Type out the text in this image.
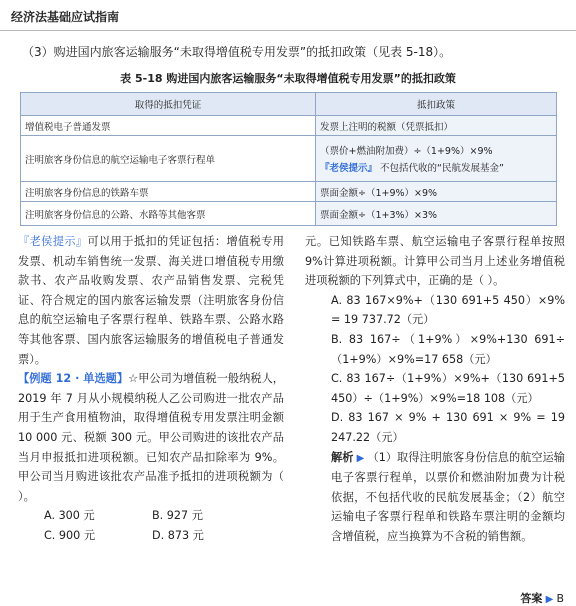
经济法基础应试指南
（3）购进国内旅客运输服务“未取得增值税专用发票”的抵扣政策（见表 5-18）。
表 5-18 购进国内旅客运输服务“未取得增值税专用发票”的抵扣政策
取得的抵扣凭证	抵扣政策
增值税电子普通发票	发票上注明的税额（凭票抵扣）
注明旅客身份信息的航空运输电子客票行程单	（票价+燃油附加费）÷（1+9%）×9%
『老侯提示』 不包括代收的“民航发展基金”

注明旅客身份信息的铁路车票	票面金额÷（1+9%）×9%
注明旅客身份信息的公路、水路等其他客票	票面金额÷（1+3%）×3%

『老侯提示』可以用于抵扣的凭证包括：增值税专用发票、机动车销售统一发票、海关进口增值税专用缴款书、农产品收购发票、农产品销售发票、完税凭证、符合规定的国内旅客运输发票（注明旅客身份信息的航空运输电子客票行程单、铁路车票、公路水路等其他客票、国内旅客运输服务的增值税电子普通发票）。

【例题 12 · 单选题】☆甲公司为增值税一般纳税人，2019 年 7 月从小规模纳税人乙公司购进一批农产品用于生产食用植物油，取得增值税专用发票注明金额 10 000 元、税额 300 元。甲公司购进的该批农产品当月申报抵扣进项税额。已知农产品扣除率为 9%。甲公司当月购进该批农产品准予抵扣的进项税额为（ ）。

A. 300 元	B. 927 元
C. 900 元	D. 873 元

元。已知铁路车票、航空运输电子客票行程单按照 9%计算进项税额。计算甲公司当月上述业务增值税进项税额的下列算式中，正确的是（ ）。

A. 83 167×9%+（130 691+5 450）×9% = 19 737.72（元）

B. 83 167÷（1+9%）×9%+130 691÷（1+9%）×9%=17 658（元）

C. 83 167÷（1+9%）×9%+（130 691+5 450）÷（1+9%）×9%=18 108（元）

D. 83 167 × 9% + 130 691 × 9% = 19 247.22（元）

解析 ▶ （1）取得注明旅客身份信息的航空运输电子客票行程单，以票价和燃油附加费为计税依据，不包括代收的民航发展基金；（2）航空运输电子客票行程单和铁路车票注明的金额均含增值税，应当换算为不含税的销售额。

答案 ▶ B
